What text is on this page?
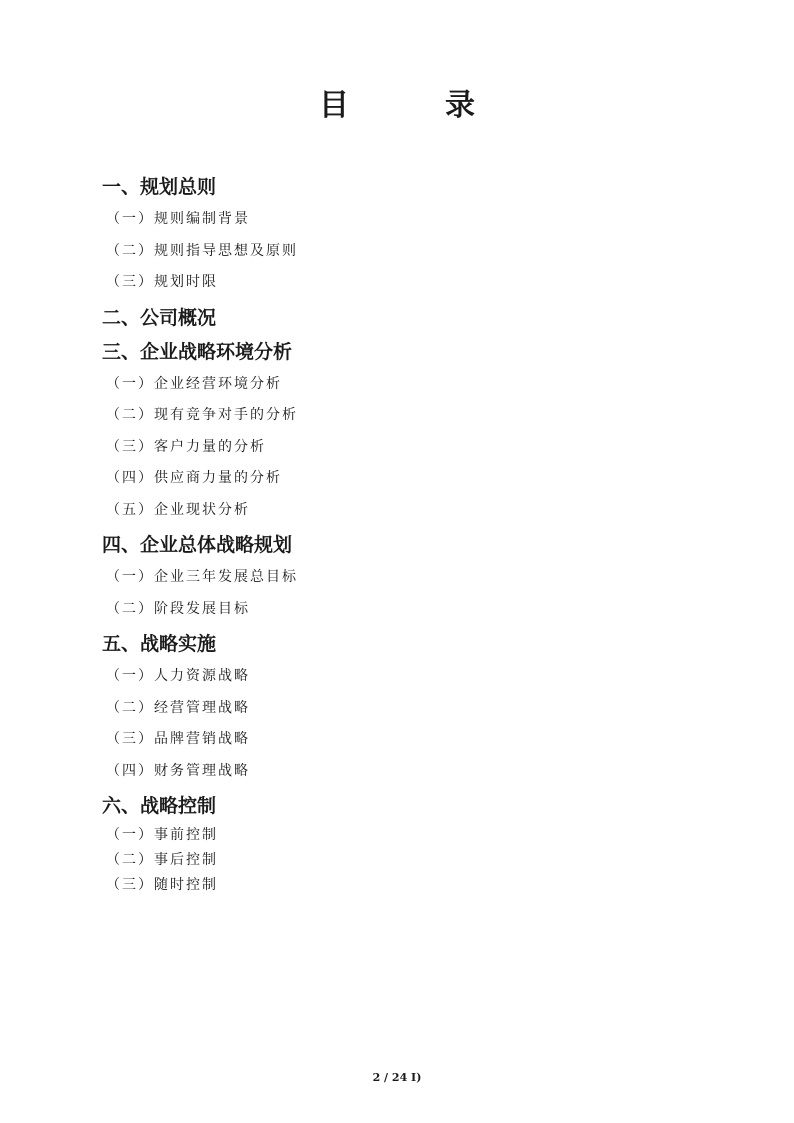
目	录
一、规划总则
（一）规则编制背景
（二）规则指导思想及原则
（三）规划时限
二、公司概况
三、企业战略环境分析
（一）企业经营环境分析
（二）现有竞争对手的分析
（三）客户力量的分析
（四）供应商力量的分析
（五）企业现状分析
四、企业总体战略规划
（一）企业三年发展总目标
（二）阶段发展目标
五、战略实施
（一）人力资源战略
（二）经营管理战略
（三）品牌营销战略
（四）财务管理战略
六、战略控制
（一）事前控制
（二）事后控制
（三）随时控制
2 / 24 I)
